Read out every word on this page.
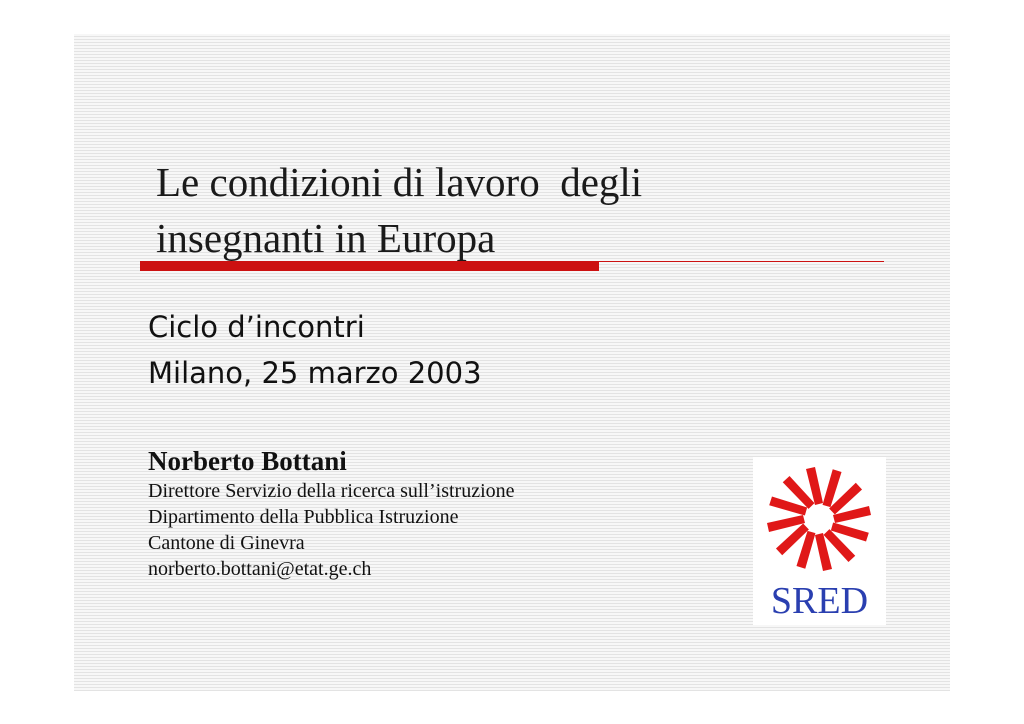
Le condizioni di lavoro  degli
insegnanti in Europa
Ciclo d’incontri
Milano, 25 marzo 2003
Norberto Bottani
Direttore Servizio della ricerca sull’istruzione
Dipartimento della Pubblica Istruzione
Cantone di Ginevra
norberto.bottani@etat.ge.ch
SRED
